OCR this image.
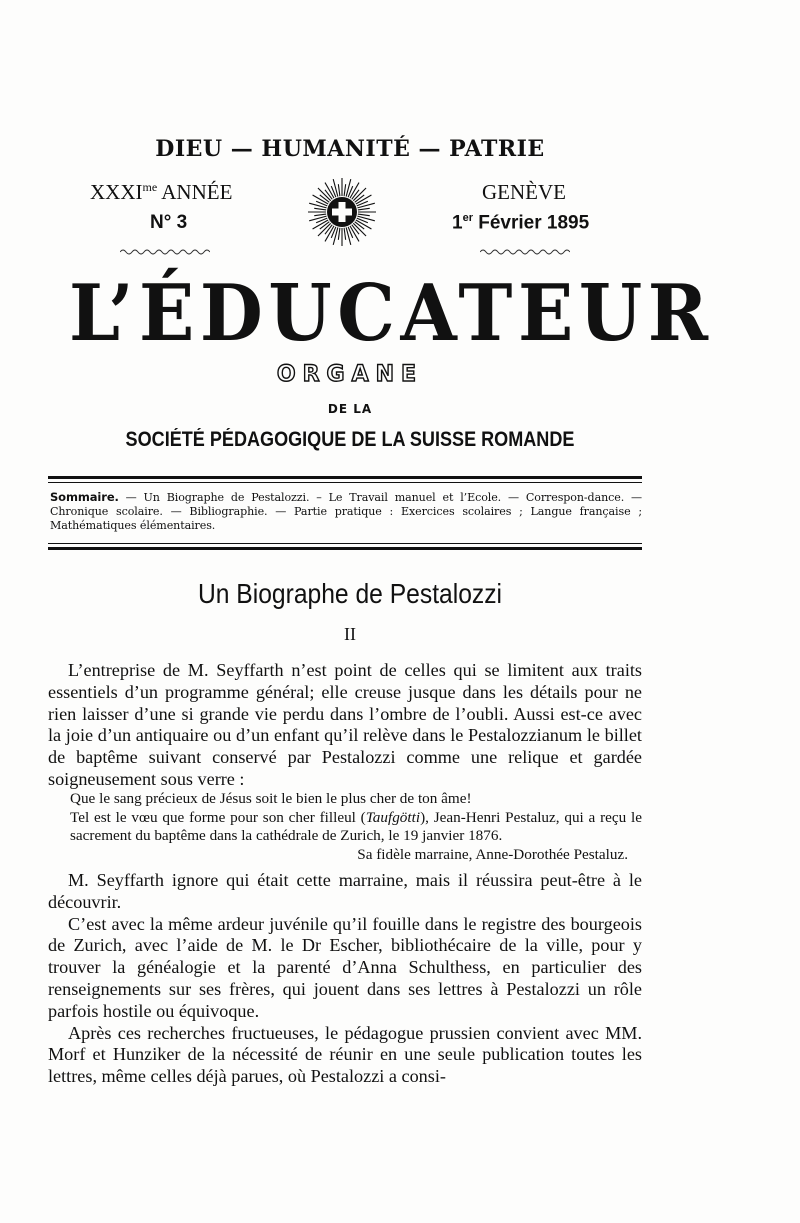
DIEU — HUMANITÉ — PATRIE
$XXXI^{me}$ ANNÉE
N° 3
GENÈVE
1er Février 1895
L’ÉDUCATEUR
ORGANE
DE LA
SOCIÉTÉ PÉDAGOGIQUE DE LA SUISSE ROMANDE
Sommaire. — Un Biographe de Pestalozzi. – Le Travail manuel et l’Ecole. — Correspon-dance. — Chronique scolaire. — Bibliographie. — Partie pratique : Exercices scolaires ; Langue française ; Mathématiques élémentaires.
Un Biographe de Pestalozzi
II

L’entreprise de M. Seyffarth n’est point de celles qui se limitent aux traits essentiels d’un programme général; elle creuse jusque dans les détails pour ne rien laisser d’une si grande vie perdu dans l’ombre de l’oubli. Aussi est-ce avec la joie d’un antiquaire ou d’un enfant qu’il relève dans le Pestalozzianum le billet de baptême suivant conservé par Pestalozzi comme une relique et gardée soigneusement sous verre :

Que le sang précieux de Jésus soit le bien le plus cher de ton âme!
Tel est le vœu que forme pour son cher filleul (Taufgötti), Jean-Henri Pestaluz, qui a reçu le sacrement du baptême dans la cathédrale de Zurich, le 19 janvier 1876.
Sa fidèle marraine, Anne-Dorothée Pestaluz.

M. Seyffarth ignore qui était cette marraine, mais il réussira peut-être à le découvrir.

C’est avec la même ardeur juvénile qu’il fouille dans le registre des bourgeois de Zurich, avec l’aide de M. le Dr Escher, bibliothécaire de la ville, pour y trouver la généalogie et la parenté d’Anna Schulthess, en particulier des renseignements sur ses frères, qui jouent dans ses lettres à Pestalozzi un rôle parfois hostile ou équivoque.

Après ces recherches fructueuses, le pédagogue prussien convient avec MM. Morf et Hunziker de la nécessité de réunir en une seule publication toutes les lettres, même celles déjà parues, où Pestalozzi a consi-
